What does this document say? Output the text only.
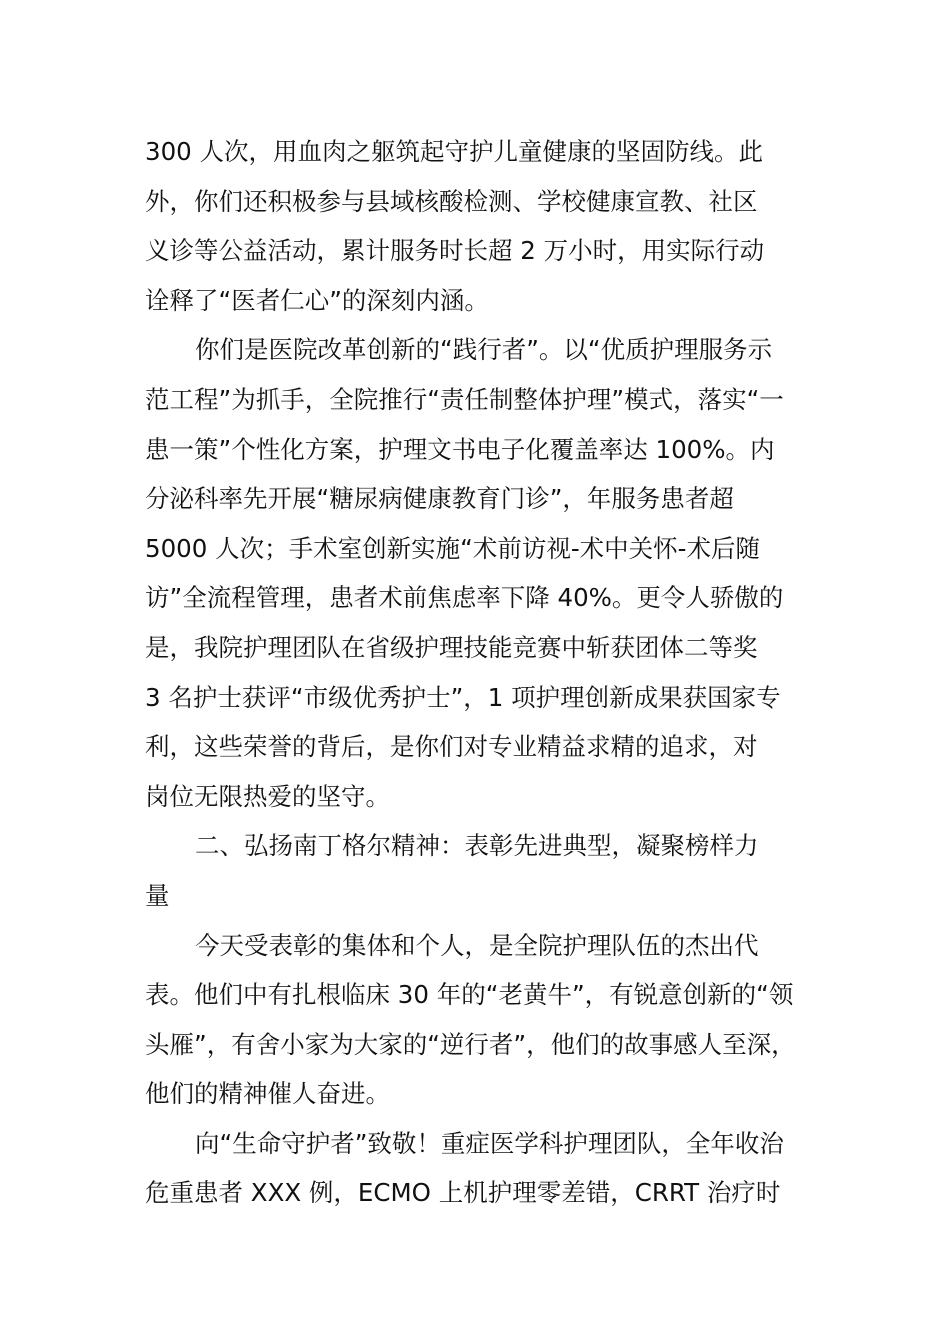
300 人次，用血肉之躯筑起守护儿童健康的坚固防线。此
外，你们还积极参与县域核酸检测、学校健康宣教、社区
义诊等公益活动，累计服务时长超 2 万小时，用实际行动
诠释了“医者仁心”的深刻内涵。
你们是医院改革创新的“践行者”。以“优质护理服务示
范工程”为抓手，全院推行“责任制整体护理”模式，落实“一
患一策”个性化方案，护理文书电子化覆盖率达 100%。内
分泌科率先开展“糖尿病健康教育门诊”，年服务患者超
5000 人次；手术室创新实施“术前访视-术中关怀-术后随
访”全流程管理，患者术前焦虑率下降 40%。更令人骄傲的
是，我院护理团队在省级护理技能竞赛中斩获团体二等奖
3 名护士获评“市级优秀护士”，1 项护理创新成果获国家专
利，这些荣誉的背后，是你们对专业精益求精的追求，对
岗位无限热爱的坚守。
二、弘扬南丁格尔精神：表彰先进典型，凝聚榜样力
量
今天受表彰的集体和个人，是全院护理队伍的杰出代
表。他们中有扎根临床 30 年的“老黄牛”，有锐意创新的“领
头雁”，有舍小家为大家的“逆行者”，他们的故事感人至深，
他们的精神催人奋进。
向“生命守护者”致敬！重症医学科护理团队，全年收治
危重患者 XXX 例，ECMO 上机护理零差错，CRRT 治疗时
